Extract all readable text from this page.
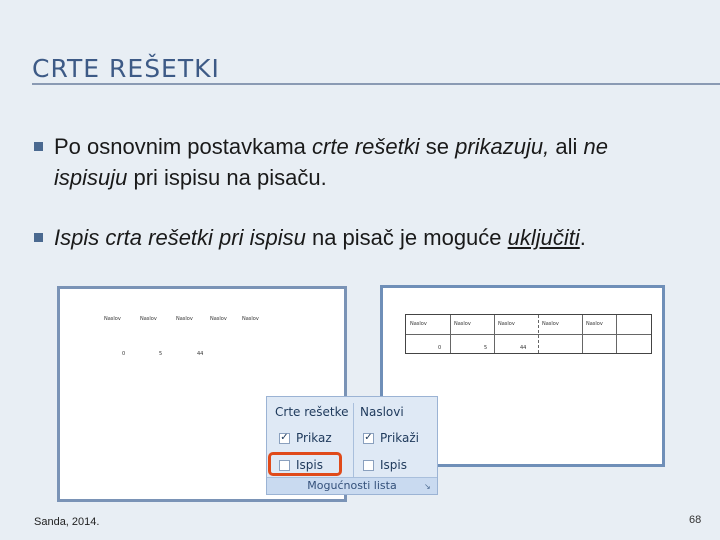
CRTE REŠETKI
Po osnovnim postavkama crte rešetki se prikazuju, ali ne ispisuju pri ispisu na pisaču.
Ispis crta rešetki pri ispisu na pisač je moguće uključiti.
Naslov	Naslov	Naslov	Naslov	Naslov
0	5	44
Naslov	Naslov	Naslov	Naslov	Naslov
0	5	44
Crte rešetke Naslovi
✓ Prikaz
Ispis
✓ Prikaži
Ispis
Mogućnosti lista	↘
Sanda, 2014.	68
